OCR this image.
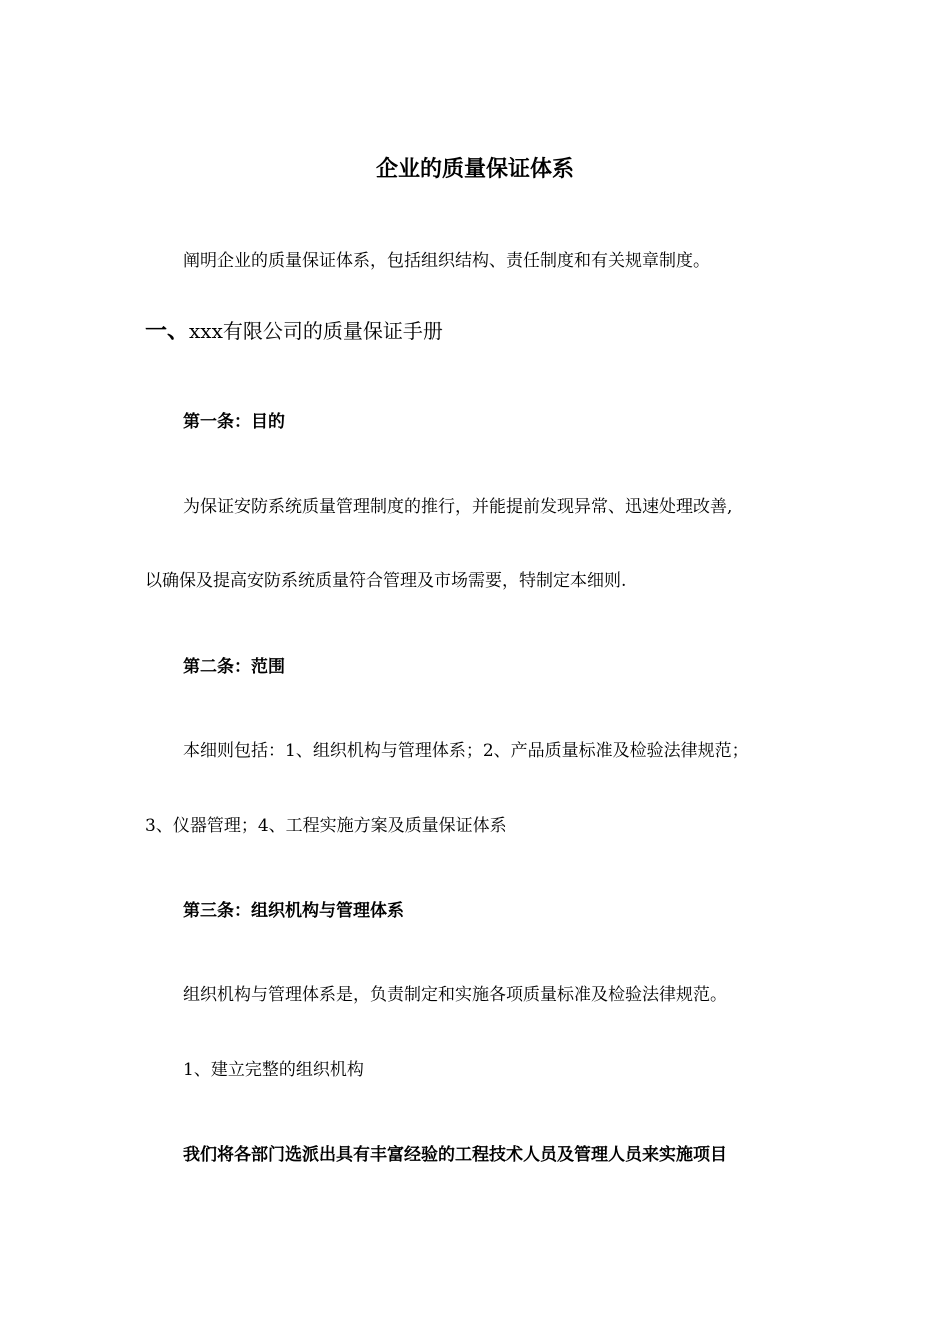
企业的质量保证体系
阐明企业的质量保证体系，包括组织结构、责任制度和有关规章制度。
一、xxx有限公司的质量保证手册
第一条：目的
为保证安防系统质量管理制度的推行，并能提前发现异常、迅速处理改善,
以确保及提高安防系统质量符合管理及市场需要，特制定本细则.
第二条：范围
本细则包括：1、组织机构与管理体系；2、产品质量标准及检验法律规范；
3、仪器管理；4、工程实施方案及质量保证体系
第三条：组织机构与管理体系
组织机构与管理体系是，负责制定和实施各项质量标准及检验法律规范。
1、建立完整的组织机构
我们将各部门选派出具有丰富经验的工程技术人员及管理人员来实施项目
